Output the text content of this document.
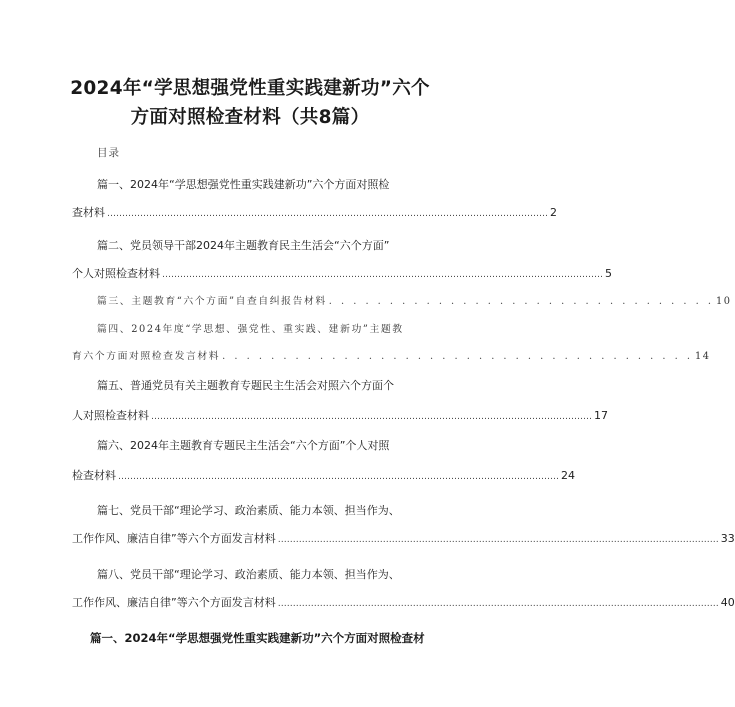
2024年“学思想强党性重实践建新功”六个
方面对照检查材料（共8篇）
目录
篇一、2024年“学思想强党性重实践建新功”六个方面对照检
查材料 ………………………………………………………………………………………………………………………………… 2
篇二、党员领导干部2024年主题教育民主生活会“六个方面”
个人对照检查材料 ………………………………………………………………………………………………………………………………… 5
篇三、主题教育“六个方面”自查自纠报告材料 . . . . . . . . . . . . . . . . . . . . . . . . . . . . . . . . 10
篇四、2024年度“学思想、强党性、重实践、建新功”主题教
育六个方面对照检查发言材料 . . . . . . . . . . . . . . . . . . . . . . . . . . . . . . . . . . . . . . . 14
篇五、普通党员有关主题教育专题民主生活会对照六个方面个
人对照检查材料 ………………………………………………………………………………………………………………………………… 17
篇六、2024年主题教育专题民主生活会“六个方面”个人对照
检查材料 ………………………………………………………………………………………………………………………………… 24
篇七、党员干部“理论学习、政治素质、能力本领、担当作为、
工作作风、廉洁自律”等六个方面发言材料 ………………………………………………………………………………………………………………………………… 33
篇八、党员干部“理论学习、政治素质、能力本领、担当作为、
工作作风、廉洁自律”等六个方面发言材料 ………………………………………………………………………………………………………………………………… 40
篇一、2024年“学思想强党性重实践建新功”六个方面对照检查材
